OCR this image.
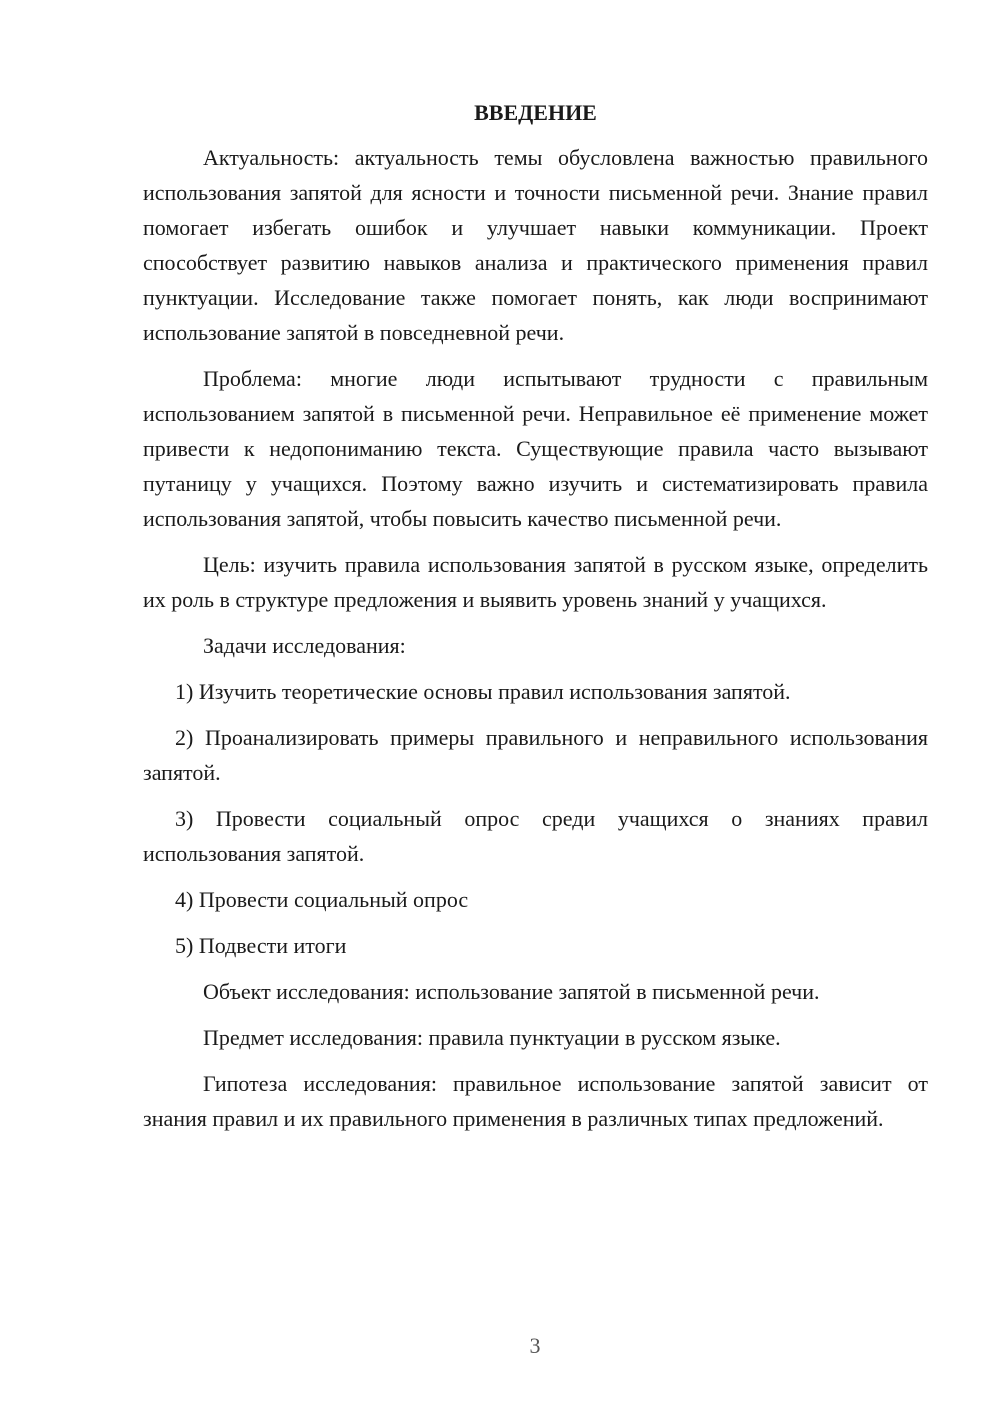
ВВЕДЕНИЕ

Актуальность: актуальность темы обусловлена важностью правильного использования запятой для ясности и точности письменной речи. Знание правил помогает избегать ошибок и улучшает навыки коммуникации. Проект способствует развитию навыков анализа и практического применения правил пунктуации. Исследование также помогает понять, как люди воспринимают использование запятой в повседневной речи.

Проблема: многие люди испытывают трудности с правильным использованием запятой в письменной речи. Неправильное её применение может привести к недопониманию текста. Существующие правила часто вызывают путаницу у учащихся. Поэтому важно изучить и систематизировать правила использования запятой, чтобы повысить качество письменной речи.

Цель: изучить правила использования запятой в русском языке, определить их роль в структуре предложения и выявить уровень знаний у учащихся.

Задачи исследования:

1) Изучить теоретические основы правил использования запятой.

2) Проанализировать примеры правильного и неправильного использования запятой.

3) Провести социальный опрос среди учащихся о знаниях правил использования запятой.

4) Провести социальный опрос

5) Подвести итоги

Объект исследования: использование запятой в письменной речи.

Предмет исследования: правила пунктуации в русском языке.

Гипотеза исследования: правильное использование запятой зависит от знания правил и их правильного применения в различных типах предложений.

3
